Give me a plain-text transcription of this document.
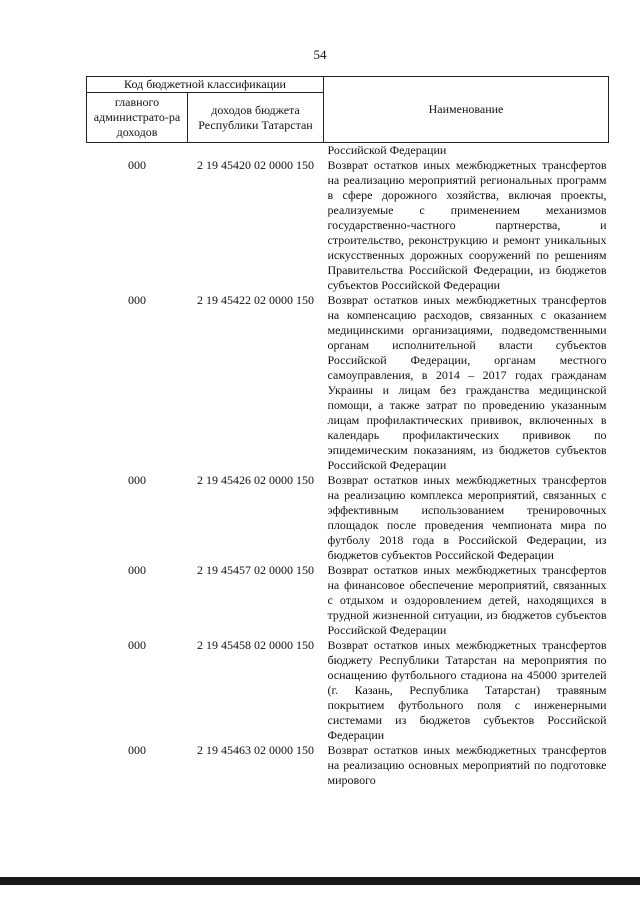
54
Код бюджетной классификации		Наименование
главного администрато-ра доходов	доходов бюджета Республики Татарстан	
		Российской Федерации
000	2 19 45420 02 0000 150	Возврат остатков иных межбюджетных трансфертов на реализацию мероприятий региональных программ в сфере дорожного хозяйства, включая проекты, реализуемые с применением механизмов государственно-частного партнерства, и строительство, реконструкцию и ремонт уникальных искусственных дорожных сооружений по решениям Правительства Российской Федерации, из бюджетов субъектов Российской Федерации
000	2 19 45422 02 0000 150	Возврат остатков иных межбюджетных трансфертов на компенсацию расходов, связанных с оказанием медицинскими организациями, подведомственными органам исполнительной власти субъектов Российской Федерации, органам местного самоуправления, в 2014 – 2017 годах гражданам Украины и лицам без гражданства медицинской помощи, а также затрат по проведению указанным лицам профилактических прививок, включенных в календарь профилактических прививок по эпидемическим показаниям, из бюджетов субъектов Российской Федерации
000	2 19 45426 02 0000 150	Возврат остатков иных межбюджетных трансфертов на реализацию комплекса мероприятий, связанных с эффективным использованием тренировочных площадок после проведения чемпионата мира по футболу 2018 года в Российской Федерации, из бюджетов субъектов Российской Федерации
000	2 19 45457 02 0000 150	Возврат остатков иных межбюджетных трансфертов на финансовое обеспечение мероприятий, связанных с отдыхом и оздоровлением детей, находящихся в трудной жизненной ситуации, из бюджетов субъектов Российской Федерации
000	2 19 45458 02 0000 150	Возврат остатков иных межбюджетных трансфертов бюджету Республики Татарстан на мероприятия по оснащению футбольного стадиона на 45000 зрителей (г. Казань, Республика Татарстан) травяным покрытием футбольного поля с инженерными системами из бюджетов субъектов Российской Федерации
000	2 19 45463 02 0000 150	Возврат остатков иных межбюджетных трансфертов на реализацию основных мероприятий по подготовке мирового
